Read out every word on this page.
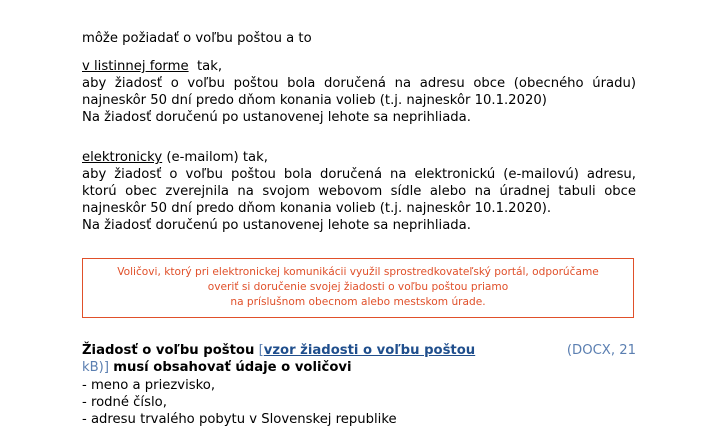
môže požiadať o voľbu poštou a to
v listinnej forme tak,
aby žiadosť o voľbu poštou bola doručená na adresu obce (obecného úradu)
najneskôr 50 dní predo dňom konania volieb (t.j. najneskôr 10.1.2020)
Na žiadosť doručenú po ustanovenej lehote sa neprihliada.
elektronicky (e-mailom) tak,
aby žiadosť o voľbu poštou bola doručená na elektronickú (e-mailovú) adresu,
ktorú obec zverejnila na svojom webovom sídle alebo na úradnej tabuli obce
najneskôr 50 dní predo dňom konania volieb (t.j. najneskôr 10.1.2020).
Na žiadosť doručenú po ustanovenej lehote sa neprihliada.
Voličovi, ktorý pri elektronickej komunikácii využil sprostredkovateľský portál, odporúčame
overiť si doručenie svojej žiadosti o voľbu poštou priamo
na príslušnom obecnom alebo mestskom úrade.
Žiadosť o voľbu poštou [vzor žiadosti o voľbu poštou	(DOCX, 21
kB)] musí obsahovať údaje o voličovi
- meno a priezvisko,
- rodné číslo,
- adresu trvalého pobytu v Slovenskej republike
